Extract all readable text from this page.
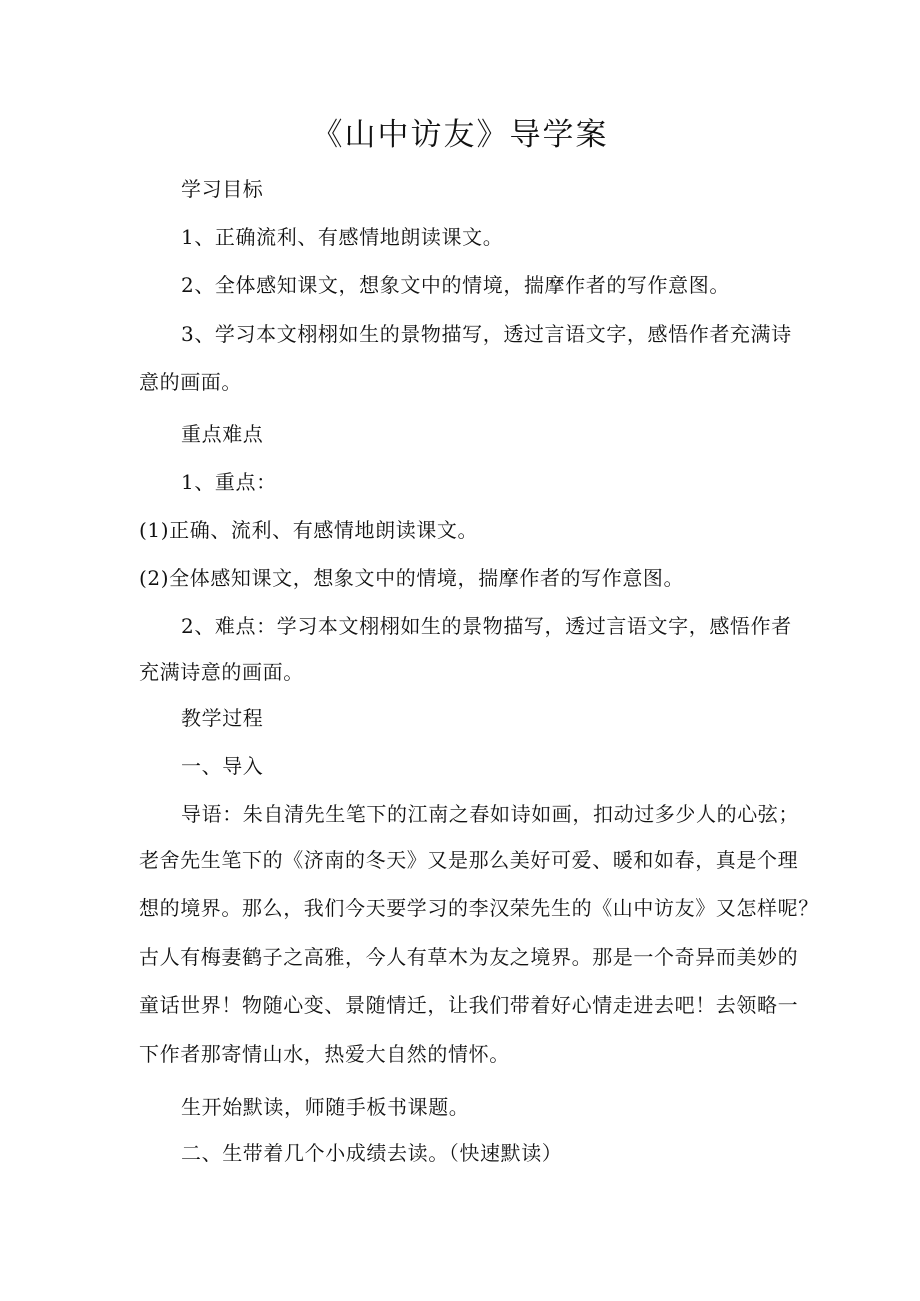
《山中访友》导学案
学习目标
1、正确流利、有感情地朗读课文。
2、全体感知课文，想象文中的情境，揣摩作者的写作意图。
3、学习本文栩栩如生的景物描写，透过言语文字，感悟作者充满诗
意的画面。
重点难点
1、重点：
(1)正确、流利、有感情地朗读课文。
(2)全体感知课文，想象文中的情境，揣摩作者的写作意图。
2、难点：学习本文栩栩如生的景物描写，透过言语文字，感悟作者
充满诗意的画面。
教学过程
一、导入
导语：朱自清先生笔下的江南之春如诗如画，扣动过多少人的心弦；
老舍先生笔下的《济南的冬天》又是那么美好可爱、暖和如春，真是个理
想的境界。那么，我们今天要学习的李汉荣先生的《山中访友》又怎样呢？
古人有梅妻鹤子之高雅，今人有草木为友之境界。那是一个奇异而美妙的
童话世界！物随心变、景随情迁，让我们带着好心情走进去吧！去领略一
下作者那寄情山水，热爱大自然的情怀。
生开始默读，师随手板书课题。
二、生带着几个小成绩去读。（快速默读）
